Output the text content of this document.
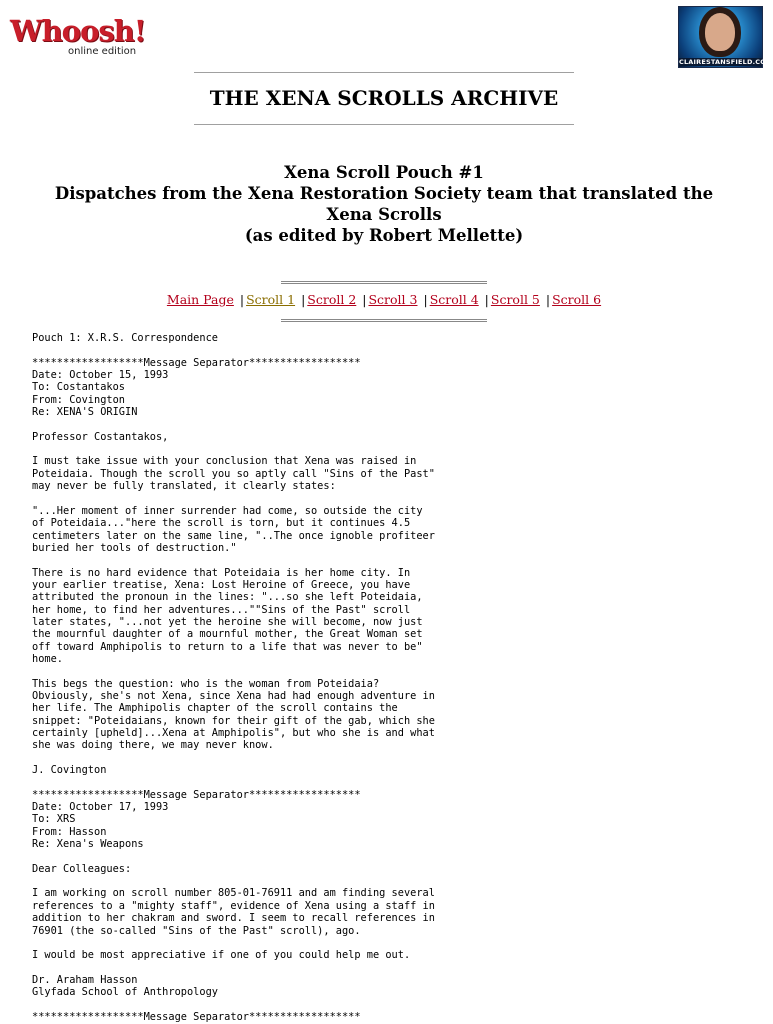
Whoosh!
online edition
CLAIRESTANSFIELD.COM
THE XENA SCROLLS ARCHIVE
Xena Scroll Pouch #1
Dispatches from the Xena Restoration Society team that translated the Xena Scrolls
(as edited by Robert Mellette)
Main Page | Scroll 1 | Scroll 2 | Scroll 3 | Scroll 4 | Scroll 5 | Scroll 6
Pouch 1: X.R.S. Correspondence

******************Message Separator******************
Date: October 15, 1993
To: Costantakos
From: Covington
Re: XENA'S ORIGIN

Professor Costantakos,

I must take issue with your conclusion that Xena was raised in
Poteidaia. Though the scroll you so aptly call "Sins of the Past"
may never be fully translated, it clearly states:

"...Her moment of inner surrender had come, so outside the city
of Poteidaia..."here the scroll is torn, but it continues 4.5
centimeters later on the same line, "..The once ignoble profiteer
buried her tools of destruction."

There is no hard evidence that Poteidaia is her home city. In
your earlier treatise, Xena: Lost Heroine of Greece, you have
attributed the pronoun in the lines: "...so she left Poteidaia,
her home, to find her adventures...""Sins of the Past" scroll
later states, "...not yet the heroine she will become, now just
the mournful daughter of a mournful mother, the Great Woman set
off toward Amphipolis to return to a life that was never to be"
home.

This begs the question: who is the woman from Poteidaia?
Obviously, she's not Xena, since Xena had had enough adventure in
her life. The Amphipolis chapter of the scroll contains the
snippet: "Poteidaians, known for their gift of the gab, which she
certainly [upheld]...Xena at Amphipolis", but who she is and what
she was doing there, we may never know.

J. Covington

******************Message Separator******************
Date: October 17, 1993
To: XRS
From: Hasson
Re: Xena's Weapons

Dear Colleagues:

I am working on scroll number 805-01-76911 and am finding several
references to a "mighty staff", evidence of Xena using a staff in
addition to her chakram and sword. I seem to recall references in
76901 (the so-called "Sins of the Past" scroll), ago.

I would be most appreciative if one of you could help me out.

Dr. Araham Hasson
Glyfada School of Anthropology

******************Message Separator******************
